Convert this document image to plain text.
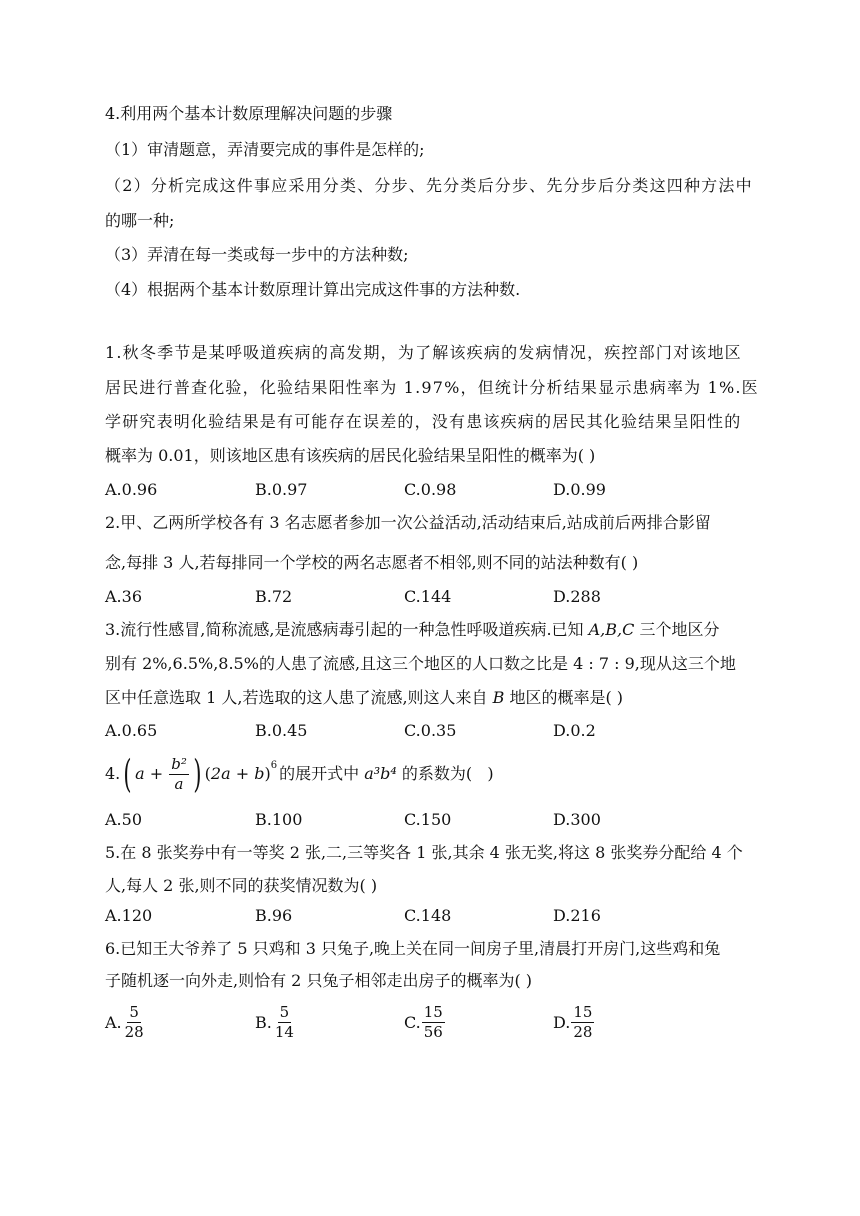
4.利用两个基本计数原理解决问题的步骤
（1）审清题意，弄清要完成的事件是怎样的;
（2）分析完成这件事应采用分类、分步、先分类后分步、先分步后分类这四种方法中
的哪一种;
（3）弄清在每一类或每一步中的方法种数;
（4）根据两个基本计数原理计算出完成这件事的方法种数.
1.秋冬季节是某呼吸道疾病的高发期，为了解该疾病的发病情况，疾控部门对该地区
居民进行普查化验，化验结果阳性率为 1.97%，但统计分析结果显示患病率为 1%.医
学研究表明化验结果是有可能存在误差的，没有患该疾病的居民其化验结果呈阳性的
概率为 0.01，则该地区患有该疾病的居民化验结果呈阳性的概率为( )
A.0.96	B.0.97	C.0.98	D.0.99
2.甲、乙两所学校各有 3 名志愿者参加一次公益活动,活动结束后,站成前后两排合影留
念,每排 3 人,若每排同一个学校的两名志愿者不相邻,则不同的站法种数有( )
A.36	B.72	C.144	D.288
3.流行性感冒,简称流感,是流感病毒引起的一种急性呼吸道疾病.已知 A,B,C 三个地区分
别有 2%,6.5%,8.5%的人患了流感,且这三个地区的人口数之比是 4 : 7 : 9,现从这三个地
区中任意选取 1 人,若选取的这人患了流感,则这人来自 B 地区的概率是( )
A.0.65	B.0.45	C.0.35	D.0.2
4. ( $a + \frac{\text{b²}}{a}$ ) ( 2a + b )$^6$ 的展开式中 a³b⁴ 的系数为(   )
A.50	B.100	C.150	D.300
5.在 8 张奖券中有一等奖 2 张,二,三等奖各 1 张,其余 4 张无奖,将这 8 张奖券分配给 4 个
人,每人 2 张,则不同的获奖情况数为( )
A.120	B.96	C.148	D.216
6.已知王大爷养了 5 只鸡和 3 只兔子,晚上关在同一间房子里,清晨打开房门,这些鸡和兔
子随机逐一向外走,则恰有 2 只兔子相邻走出房子的概率为( )
A. $\frac{5}{28}$	B. $\frac{5}{14}$	C. $\frac{15}{56}$	D. $\frac{15}{28}$
